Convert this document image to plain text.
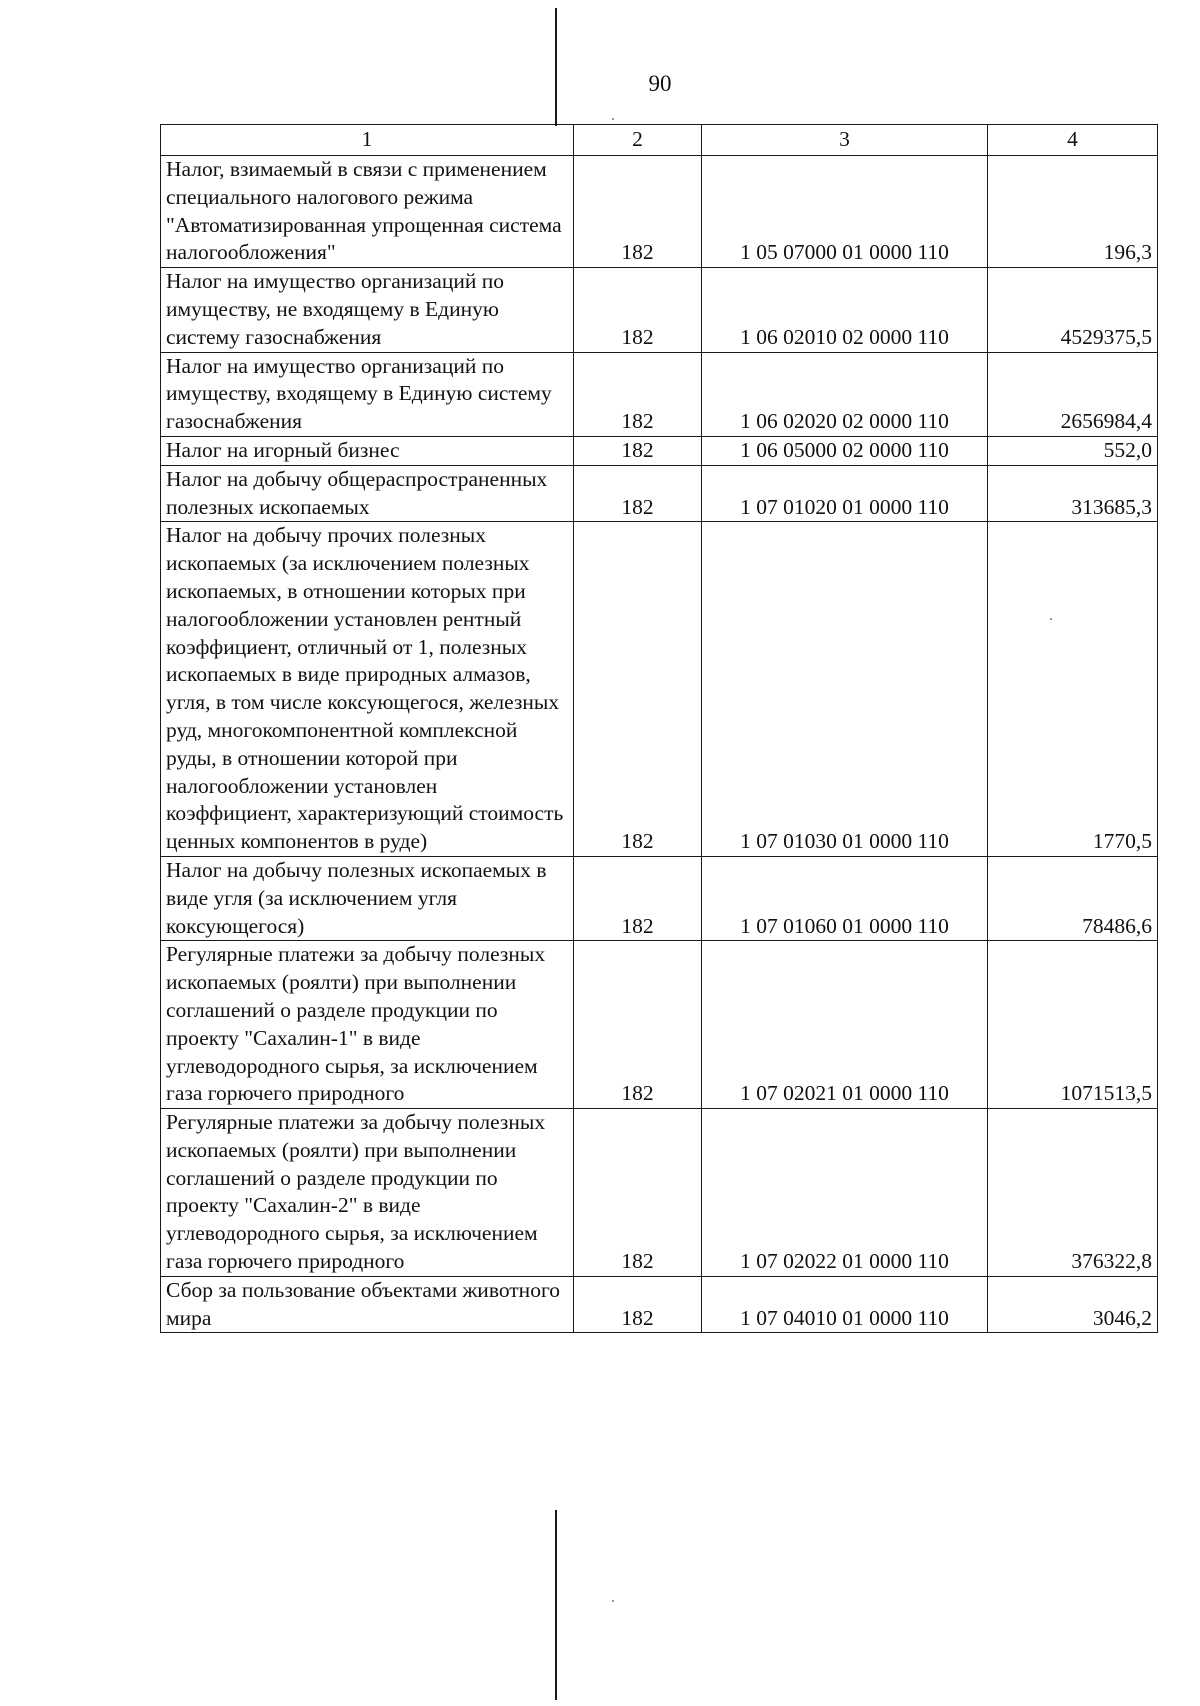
90
1	2	3	4
Налог, взимаемый в связи с применением специального налогового режима "Автоматизированная упрощенная система налогообложения"	182	1 05 07000 01 0000 110	196,3
Налог на имущество организаций по имуществу, не входящему в Единую систему газоснабжения	182	1 06 02010 02 0000 110	4529375,5
Налог на имущество организаций по имуществу, входящему в Единую систему газоснабжения	182	1 06 02020 02 0000 110	2656984,4
Налог на игорный бизнес	182	1 06 05000 02 0000 110	552,0
Налог на добычу общераспространенных полезных ископаемых	182	1 07 01020 01 0000 110	313685,3
Налог на добычу прочих полезных ископаемых (за исключением полезных ископаемых, в отношении которых при налогообложении установлен рентный коэффициент, отличный от 1, полезных ископаемых в виде природных алмазов, угля, в том числе коксующегося, железных руд, многокомпонентной комплексной руды, в отношении которой при налогообложении установлен коэффициент, характеризующий стоимость ценных компонентов в руде)	182	1 07 01030 01 0000 110	1770,5
Налог на добычу полезных ископаемых в виде угля (за исключением угля коксующегося)	182	1 07 01060 01 0000 110	78486,6
Регулярные платежи за добычу полезных ископаемых (роялти) при выполнении соглашений о разделе продукции по проекту "Сахалин-1" в виде углеводородного сырья, за исключением газа горючего природного	182	1 07 02021 01 0000 110	1071513,5
Регулярные платежи за добычу полезных ископаемых (роялти) при выполнении соглашений о разделе продукции по проекту "Сахалин-2" в виде углеводородного сырья, за исключением газа горючего природного	182	1 07 02022 01 0000 110	376322,8
Сбор за пользование объектами животного мира	182	1 07 04010 01 0000 110	3046,2
